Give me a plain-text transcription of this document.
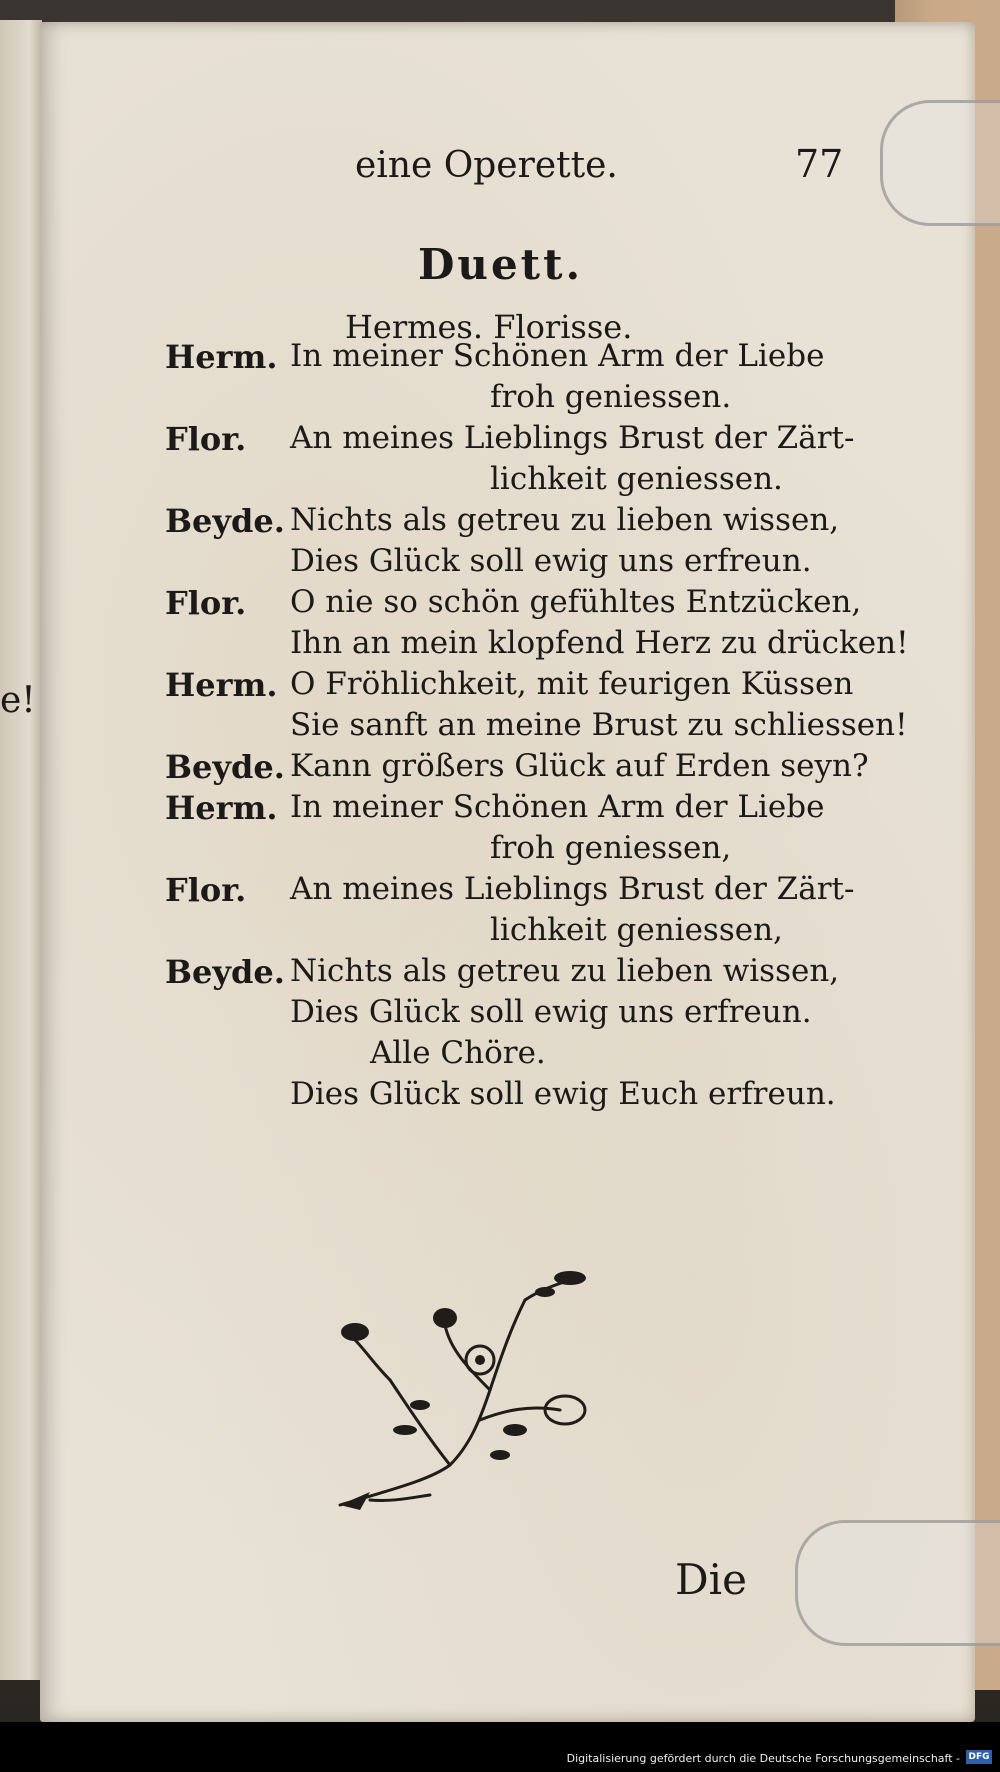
e!
eine Operette.	77
Duett.
Hermes. Florisse.
Herm. In meiner Schönen Arm der Liebe
froh geniessen.
Flor. An meines Lieblings Brust der Zärt-
lichkeit geniessen.
Beyde. Nichts als getreu zu lieben wissen,
Dies Glück soll ewig uns erfreun.
Flor. O nie so schön gefühltes Entzücken,
Ihn an mein klopfend Herz zu drücken!
Herm. O Fröhlichkeit, mit feurigen Küssen
Sie sanft an meine Brust zu schliessen!
Beyde. Kann größers Glück auf Erden seyn?
Herm. In meiner Schönen Arm der Liebe
froh geniessen,
Flor. An meines Lieblings Brust der Zärt-
lichkeit geniessen,
Beyde. Nichts als getreu zu lieben wissen,
Dies Glück soll ewig uns erfreun.
Alle Chöre.
Dies Glück soll ewig Euch erfreun.
Die
Digitalisierung gefördert durch die Deutsche Forschungsgemeinschaft - DFG
